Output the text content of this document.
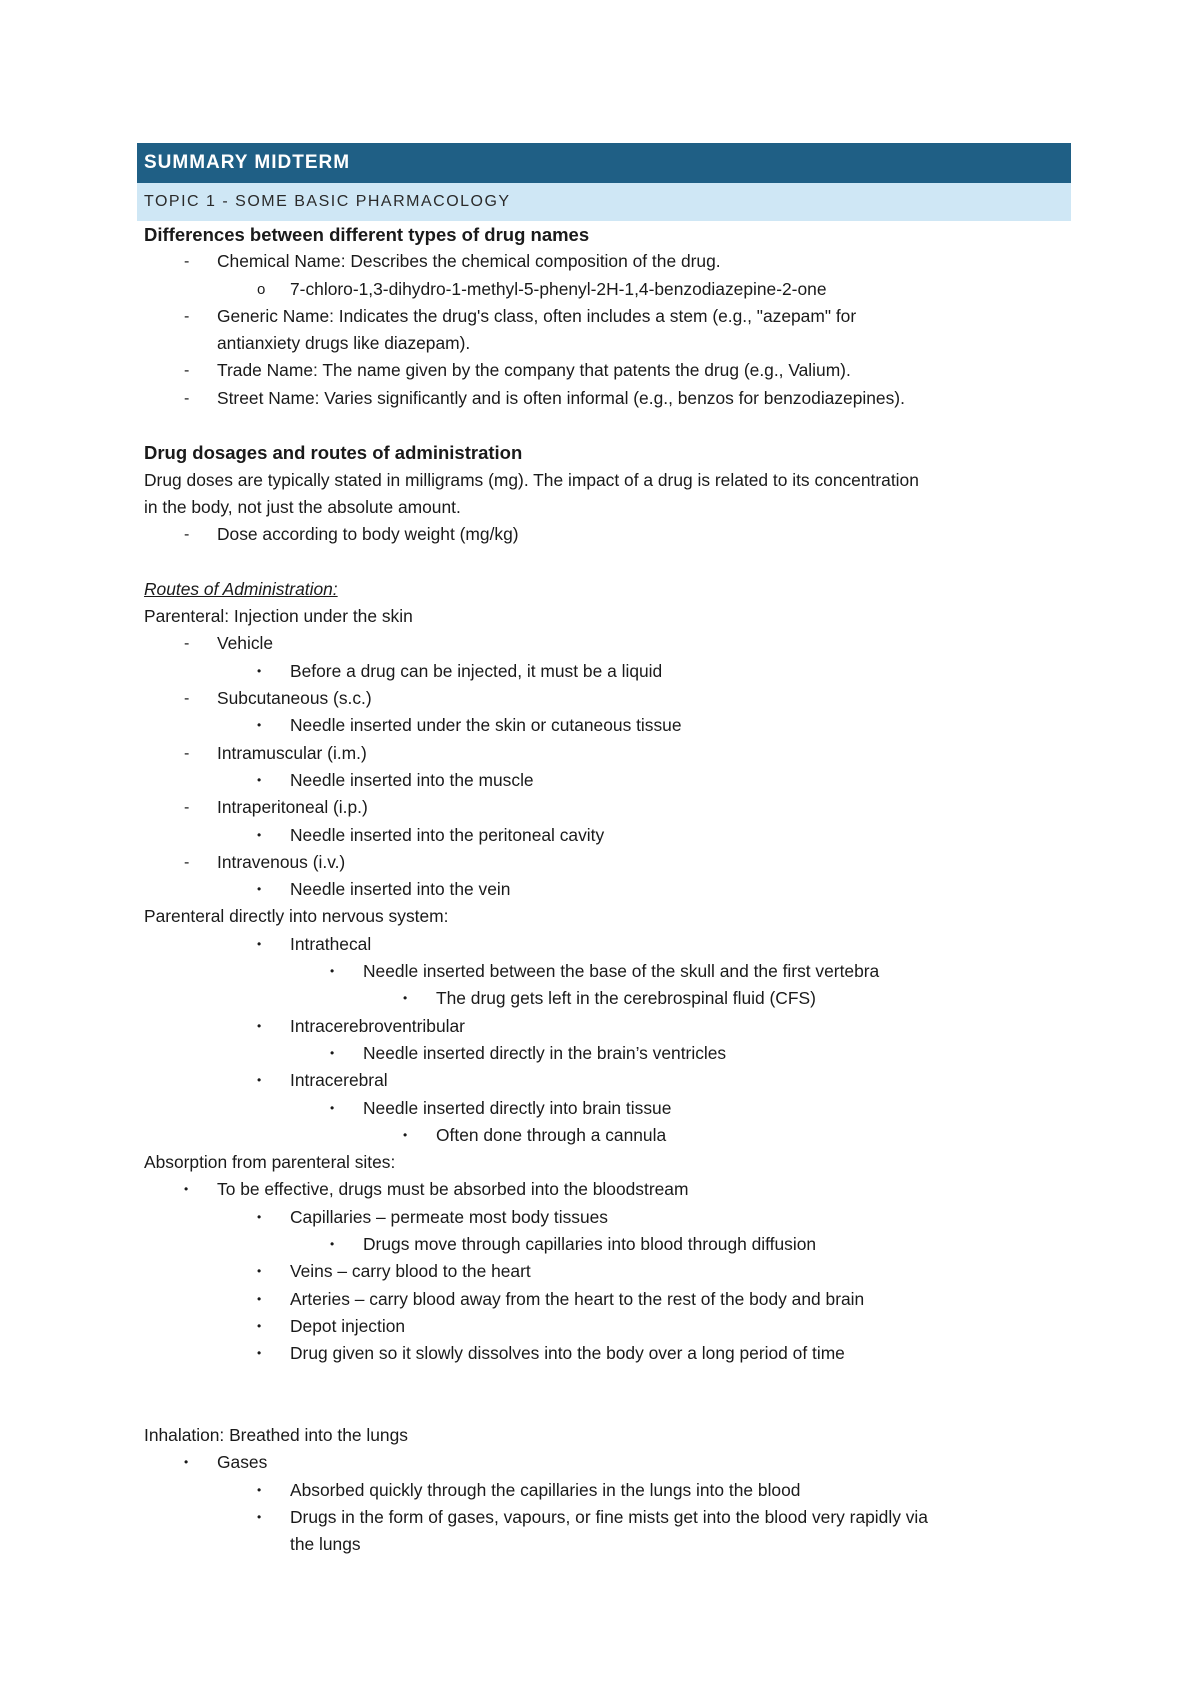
SUMMARY MIDTERM
TOPIC 1 - SOME BASIC PHARMACOLOGY
Differences between different types of drug names
- Chemical Name: Describes the chemical composition of the drug.
o 7-chloro-1,3-dihydro-1-methyl-5-phenyl-2H-1,4-benzodiazepine-2-one
- Generic Name: Indicates the drug's class, often includes a stem (e.g., "azepam" for
antianxiety drugs like diazepam).
- Trade Name: The name given by the company that patents the drug (e.g., Valium).
- Street Name: Varies significantly and is often informal (e.g., benzos for benzodiazepines).
Drug dosages and routes of administration
Drug doses are typically stated in milligrams (mg). The impact of a drug is related to its concentration
in the body, not just the absolute amount.
- Dose according to body weight (mg/kg)
Routes of Administration:
Parenteral: Injection under the skin
- Vehicle
• Before a drug can be injected, it must be a liquid
- Subcutaneous (s.c.)
• Needle inserted under the skin or cutaneous tissue
- Intramuscular (i.m.)
• Needle inserted into the muscle
- Intraperitoneal (i.p.)
• Needle inserted into the peritoneal cavity
- Intravenous (i.v.)
• Needle inserted into the vein
Parenteral directly into nervous system:
• Intrathecal
• Needle inserted between the base of the skull and the first vertebra
• The drug gets left in the cerebrospinal fluid (CFS)
• Intracerebroventribular
• Needle inserted directly in the brain’s ventricles
• Intracerebral
• Needle inserted directly into brain tissue
• Often done through a cannula
Absorption from parenteral sites:
• To be effective, drugs must be absorbed into the bloodstream
• Capillaries – permeate most body tissues
• Drugs move through capillaries into blood through diffusion
• Veins – carry blood to the heart
• Arteries – carry blood away from the heart to the rest of the body and brain
• Depot injection
• Drug given so it slowly dissolves into the body over a long period of time
Inhalation: Breathed into the lungs
• Gases
• Absorbed quickly through the capillaries in the lungs into the blood
• Drugs in the form of gases, vapours, or fine mists get into the blood very rapidly via
the lungs
